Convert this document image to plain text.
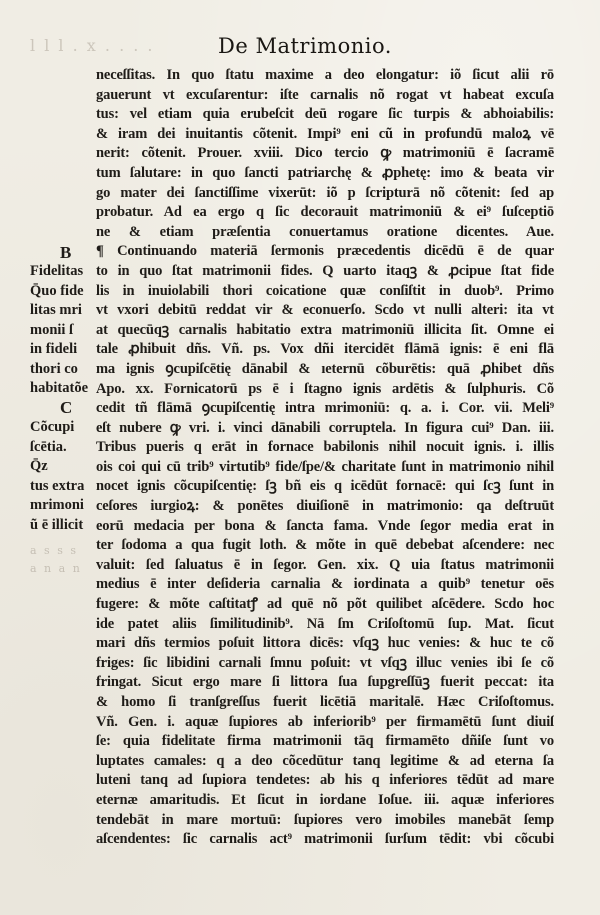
l l l . x . . . .
a s s s
a n a n
De Matrimonio.
B
Fidelitas
Q̄uo fide
litas mri
monii ſ
in fideli
thori co
habitatõe
C
Cõcupi
ſcētia.
Q̄z
tus extra
mrimoni
ũ ē illicit
neceſſitas. In quo ſtatu maxime a deo elongatur: iõ ſicut alii rō
gauerunt vt excuſarentur: iſte carnalis nõ rogat vt habeat excuſa
tus: vel etiam quia erubeſcit deū rogare ſic turpis & abhoiabilis:
& iram dei inuitantis cõtenit. Impi⁹ eni cũ in profundū maloꝝ vē
nerit: cõtenit. Prouer. xviii. Dico tercio ꝙ matrimoniū ē ſacramē
tum ſalutare: in quo ſancti patriarchę & ꝓphetę: imo & beata vir
go mater dei ſanctiſſime vixerūt: iõ p ſcripturā nõ cõtenit: ſed ap
probatur. Ad ea ergo q ſic decorauit matrimoniū & ei⁹ ſuſceptiō
ne & etiam præſentia conuertamus oratione dicentes. Aue.
¶ Continuando materiā ſermonis præcedentis dicēdū ē de quar
to in quo ſtat matrimonii fides. Q uarto itaqꝫ & ꝓcipue ſtat fide
lis in inuiolabili thori coicatione quæ conſiſtit in duob⁹. Primo
vt vxori debitū reddat vir & econuerſo. Scdo vt nulli alteri: ita vt
at quecūqꝫ carnalis habitatio extra matrimoniū illicita ſit. Omne ei
tale ꝓhibuit dñs. Vñ. ps. Vox dñi itercidēt flāmā ignis: ē eni flā
ma ignis ꝯcupiſcētię dānabil & ıeternū cõburētis: quā ꝓhibet dñs
Apo. xx. Fornicatorū ps ē i ſtagno ignis ardētis & ſulphuris. Cõ
cedit tñ flāmā ꝯcupiſcentię intra mrimoniū: q. a. i. Cor. vii. Meli⁹
eſt nubere ꝙ vri. i. vinci dānabili corruptela. In figura cui⁹ Dan. iii.
Tribus pueris q erāt in fornace babilonis nihil nocuit ignis. i. illis
ois coi qui cū trib⁹ virtutib⁹ fide/ſpe/& charitate ſunt in matrimonio nihil
nocet ignis cõcupiſcentię: ſꝫ bñ eis q icēdūt fornacē: qui ſcꝫ ſunt in
ceſores iurgioꝝ: & ponētes diuiſionē in matrimonio: qa deſtruūt
eorū medacia per bona & ſancta fama. Vnde ſegor media erat in
ter ſodoma a qua fugit loth. & mõte in quē debebat aſcendere: nec
valuit: ſed ſaluatus ē in ſegor. Gen. xix. Q uia ſtatus matrimonii
medius ē inter deſideria carnalia & iordinata a quib⁹ tenetur oēs
fugere: & mõte caſtitatꝭ ad quē nõ põt quilibet aſcēdere. Scdo hoc
ide patet aliis ſimilitudinib⁹. Nā ſm Criſoſtomū ſup. Mat. ſicut
mari dñs termios poſuit littora dicēs: vſqꝫ huc venies: & huc te cõ
friges: ſic libidini carnali ſmnu poſuit: vt vſqꝫ illuc venies ibi ſe cõ
fringat. Sicut ergo mare ſi littora ſua ſupgreſſūꝫ fuerit peccat: ita
& homo ſi tranſgreſſus fuerit licētiā maritalē. Hæc Criſoſtomus.
Vñ. Gen. i. aquæ ſupiores ab inferiorib⁹ per firmamētū ſunt diuiſ
ſe: quia fidelitate firma matrimonii tāq firmamēto dñiſe ſunt vo
luptates camales: q a deo cõcedūtur tanq legitime & ad eterna ſa
luteni tanq ad ſupiora tendetes: ab his q inferiores tēdūt ad mare
eternæ amaritudis. Et ſicut in iordane Ioſue. iii. aquæ inferiores
tendebāt in mare mortuū: ſupiores vero imobiles manebāt ſemp
aſcendentes: ſic carnalis act⁹ matrimonii ſurſum tēdit: vbi cõcubi
